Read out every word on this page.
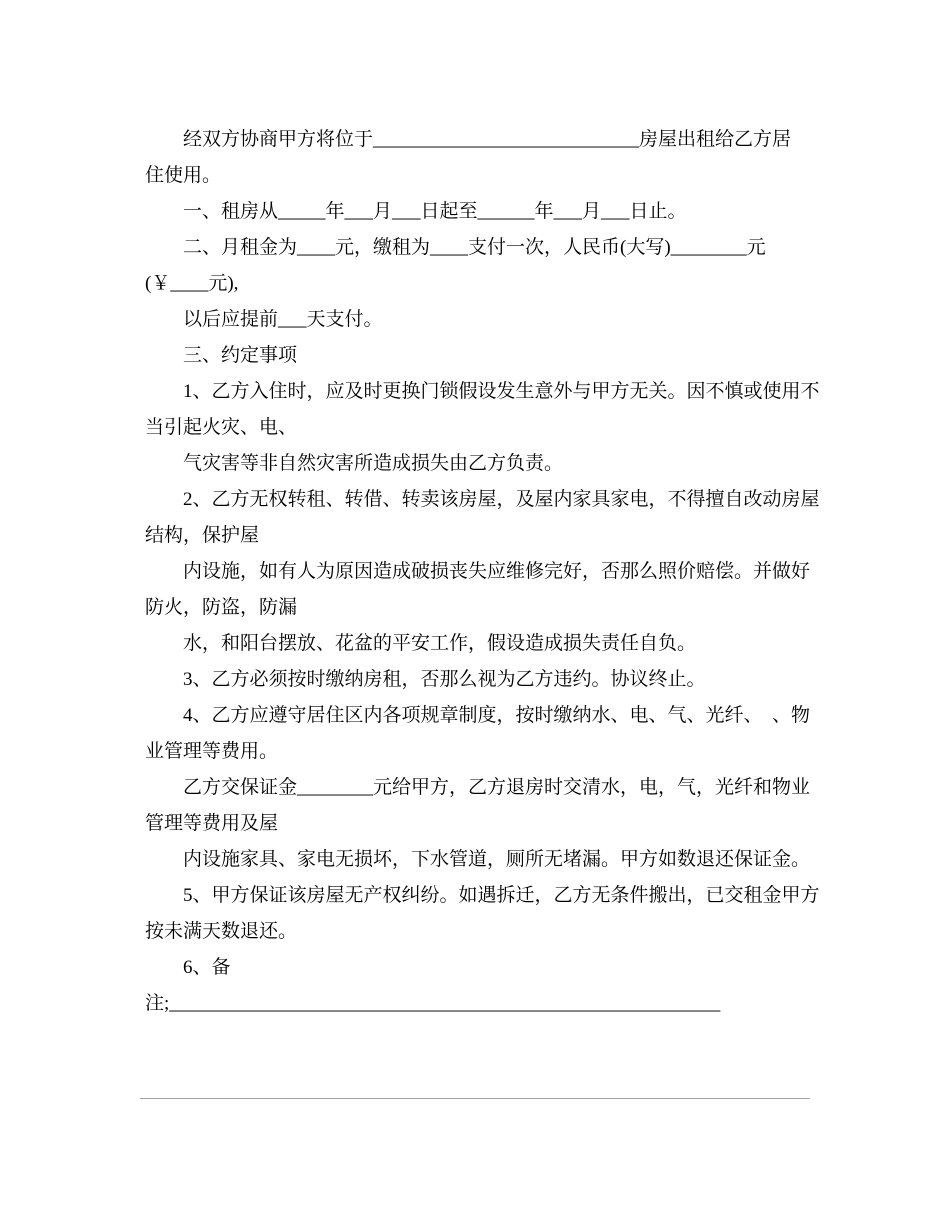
经双方协商甲方将位于____________________________房屋出租给乙方居
住使用。
一、租房从_____年___月___日起至______年___月___日止。
二、月租金为____元，缴租为____支付一次，人民币(大写)________元
(￥____元),
以后应提前___天支付。
三、约定事项
1、乙方入住时，应及时更换门锁假设发生意外与甲方无关。因不慎或使用不
当引起火灾、电、
气灾害等非自然灾害所造成损失由乙方负责。
2、乙方无权转租、转借、转卖该房屋，及屋内家具家电，不得擅自改动房屋
结构，保护屋
内设施，如有人为原因造成破损丧失应维修完好，否那么照价赔偿。并做好
防火，防盗，防漏
水，和阳台摆放、花盆的平安工作，假设造成损失责任自负。
3、乙方必须按时缴纳房租，否那么视为乙方违约。协议终止。
4、乙方应遵守居住区内各项规章制度，按时缴纳水、电、气、光纤、　、物
业管理等费用。
乙方交保证金________元给甲方，乙方退房时交清水，电，气，光纤和物业
管理等费用及屋
内设施家具、家电无损坏，下水管道，厕所无堵漏。甲方如数退还保证金。
5、甲方保证该房屋无产权纠纷。如遇拆迁，乙方无条件搬出，已交租金甲方
按未满天数退还。
6、备
注;__________________________________________________________
